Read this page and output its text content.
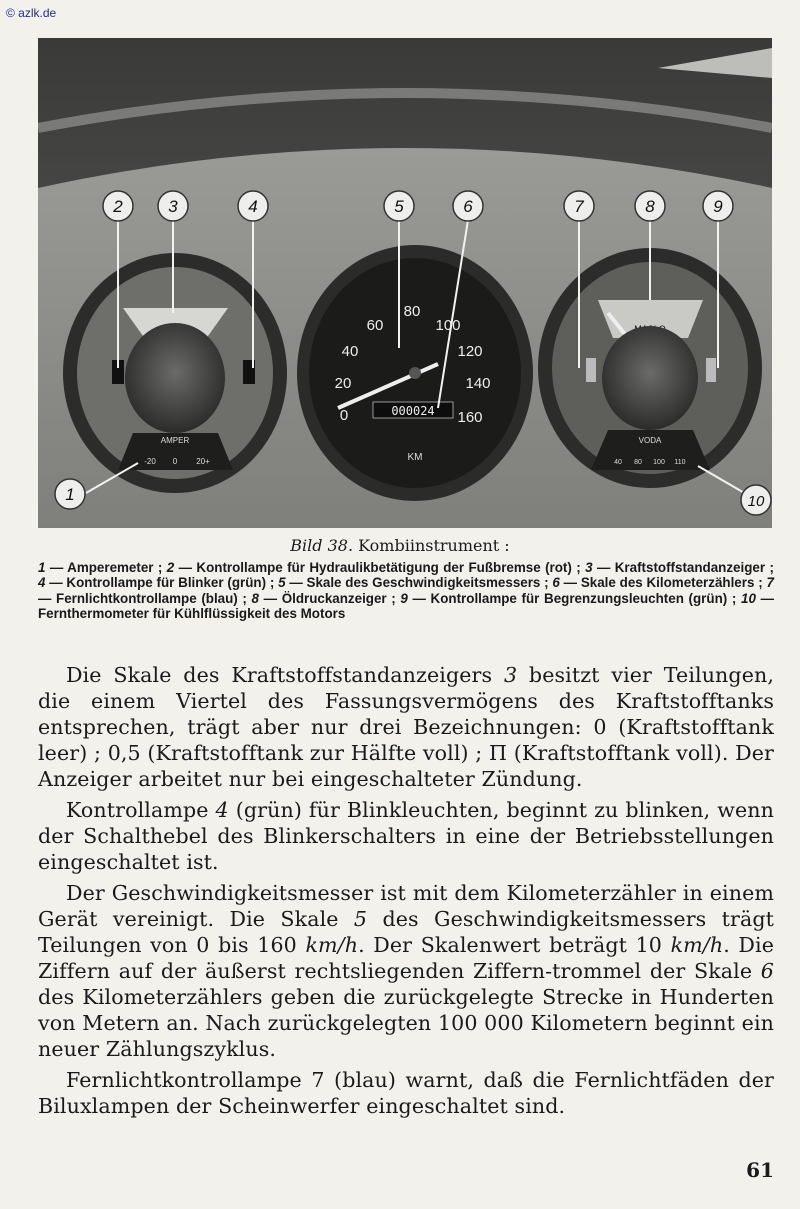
© azlk.de
AMPER
-20 0 20+
0
20
40
60
80
100
120
140
160
000024
KM
VODA
40 80 100 110
1
2	3	4	5	6	7	8	9
10
Bild 38. Kombiinstrument :
1 — Amperemeter ; 2 — Kontrollampe für Hydraulikbetätigung der Fußbremse (rot) ; 3 — Kraftstoffstandanzeiger ; 4 — Kontrollampe für Blinker (grün) ; 5 — Skale des Geschwindigkeitsmessers ; 6 — Skale des Kilometerzählers ; 7 — Fernlichtkontrollampe (blau) ; 8 — Öldruckanzeiger ; 9 — Kontrollampe für Begrenzungsleuchten (grün) ; 10 — Fernthermometer für Kühlflüssigkeit des Motors

Die Skale des Kraftstoffstandanzeigers 3 besitzt vier Teilungen, die einem Viertel des Fassungsvermögens des Kraftstofftanks entsprechen, trägt aber nur drei Bezeichnungen: 0 (Kraftstofftank leer) ; 0,5 (Kraftstofftank zur Hälfte voll) ; Π (Kraftstofftank voll). Der Anzeiger arbeitet nur bei eingeschalteter Zündung.

Kontrollampe 4 (grün) für Blinkleuchten, beginnt zu blinken, wenn der Schalthebel des Blinkerschalters in eine der Betriebsstellungen eingeschaltet ist.

Der Geschwindigkeitsmesser ist mit dem Kilometerzähler in einem Gerät vereinigt. Die Skale 5 des Geschwindigkeitsmessers trägt Teilungen von 0 bis 160 km/h. Der Skalenwert beträgt 10 km/h. Die Ziffern auf der äußerst rechtsliegenden Ziffern-trommel der Skale 6 des Kilometerzählers geben die zurückgelegte Strecke in Hunderten von Metern an. Nach zurückgelegten 100 000 Kilometern beginnt ein neuer Zählungszyklus.

Fernlichtkontrollampe 7 (blau) warnt, daß die Fernlichtfäden der Biluxlampen der Scheinwerfer eingeschaltet sind.

61
